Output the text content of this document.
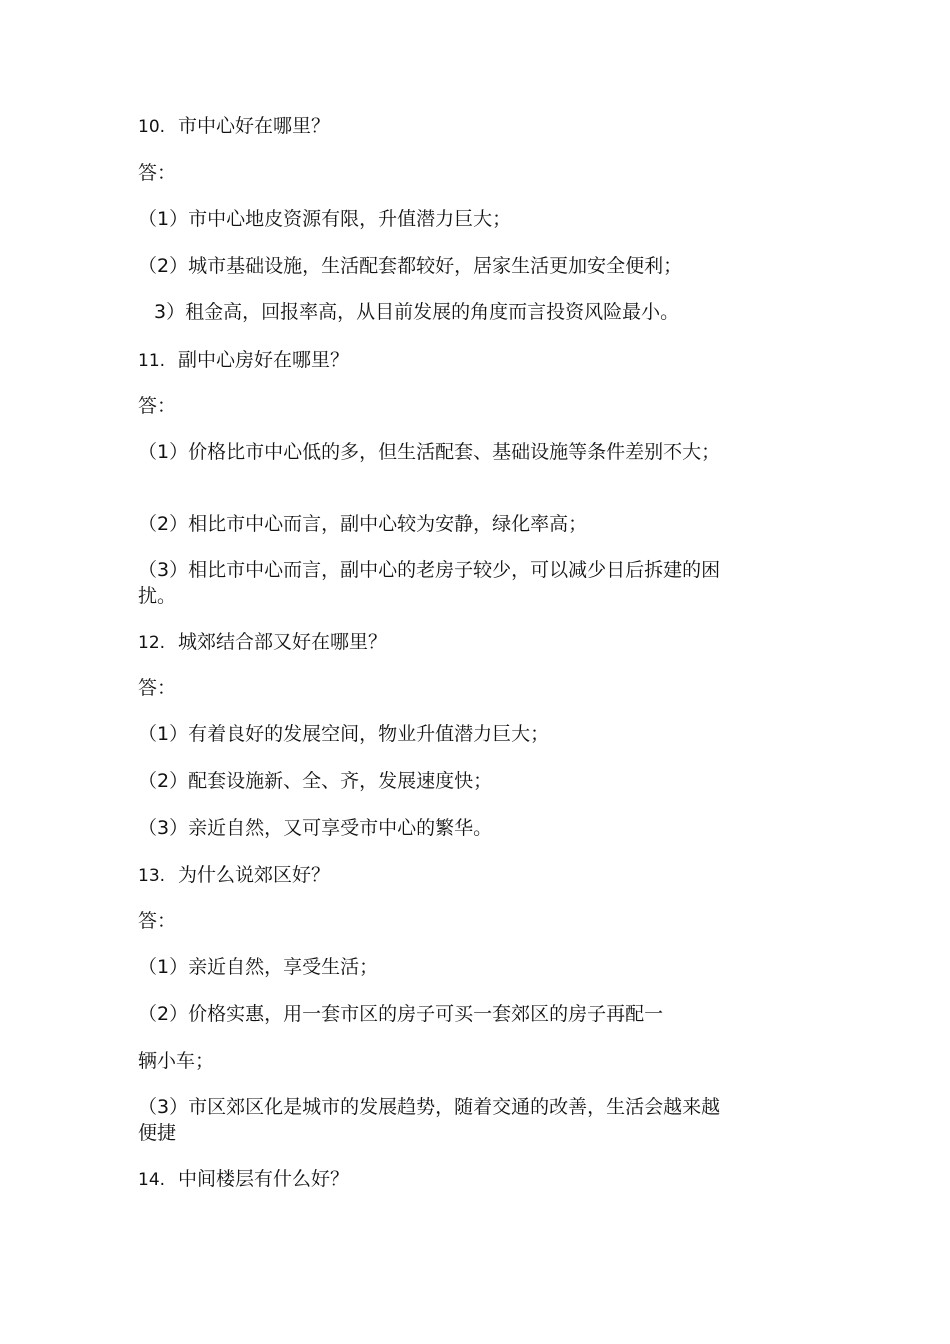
10. 市中心好在哪里？

答：

（1）市中心地皮资源有限，升值潜力巨大；

（2）城市基础设施，生活配套都较好，居家生活更加安全便利；

3）租金高，回报率高，从目前发展的角度而言投资风险最小。

11. 副中心房好在哪里？

答：

（1）价格比市中心低的多，但生活配套、基础设施等条件差别不大；

（2）相比市中心而言，副中心较为安静，绿化率高；

（3）相比市中心而言，副中心的老房子较少，可以减少日后拆建的困扰。

12. 城郊结合部又好在哪里？

答：

（1）有着良好的发展空间，物业升值潜力巨大；

（2）配套设施新、全、齐，发展速度快；

（3）亲近自然，又可享受市中心的繁华。

13. 为什么说郊区好？

答：

（1）亲近自然，享受生活；

（2）价格实惠，用一套市区的房子可买一套郊区的房子再配一

辆小车；

（3）市区郊区化是城市的发展趋势，随着交通的改善，生活会越来越便捷

14. 中间楼层有什么好？
